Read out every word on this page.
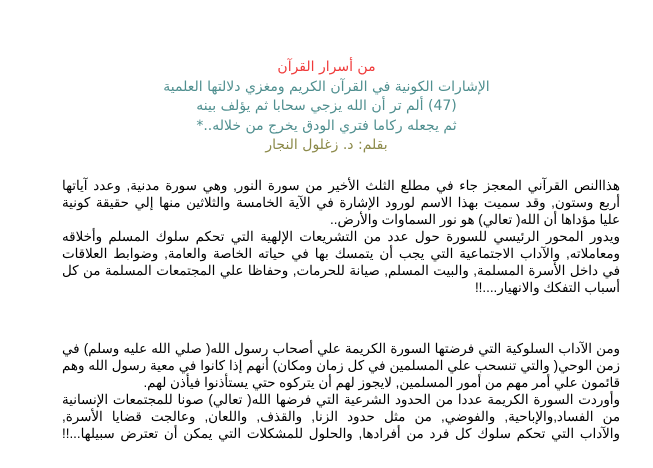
من أسرار القرآن
الإشارات الكونية في القرآن الكريم ومغزي دلالتها العلمية
(47) ألم تر أن الله يزجي سحابا ثم يؤلف بينه
ثم يجعله ركاما فتري الودق يخرج من خلاله..*
بقلم: د. زغلول النجار
هذاالنص القرآني المعجز جاء في مطلع الثلث الأخير من سورة النور, وهي سورة مدنية, وعدد آياتها
أربع وستون, وقد سميت بهذا الاسم لورود الإشارة في الآية الخامسة والثلاثين منها إلي حقيقة كونية
عليا مؤداها أن الله( تعالي) هو نور السماوات والأرض..
ويدور المحور الرئيسي للسورة حول عدد من التشريعات الإلهية التي تحكم سلوك المسلم وأخلاقه
ومعاملاته, والآداب الاجتماعية التي يجب أن يتمسك بها في حياته الخاصة والعامة, وضوابط العلاقات
في داخل الأسرة المسلمة, والبيت المسلم, صيانة للحرمات, وحفاظا علي المجتمعات المسلمة من كل
أسباب التفكك والانهيار....!!
ومن الآداب السلوكية التي فرضتها السورة الكريمة علي أصحاب رسول الله( صلي الله عليه وسلم) في
زمن الوحي( والتي تنسحب علي المسلمين في كل زمان ومكان) أنهم إذا كانوا في معية رسول الله وهم
قائمون علي أمر مهم من أمور المسلمين, لايجوز لهم أن يتركوه حتي يستأذنوا فيأذن لهم.
وأوردت السورة الكريمة عددا من الحدود الشرعية التي فرضها الله( تعالي) صونا للمجتمعات الإنسانية
من الفساد,والإباحية, والفوضي, من مثل حدود الزنا, والقذف, واللعان, وعالجت قضايا الأسرة,
والآداب التي تحكم سلوك كل فرد من أفرادها, والحلول للمشكلات التي يمكن أن تعترض سبيلها...!!
